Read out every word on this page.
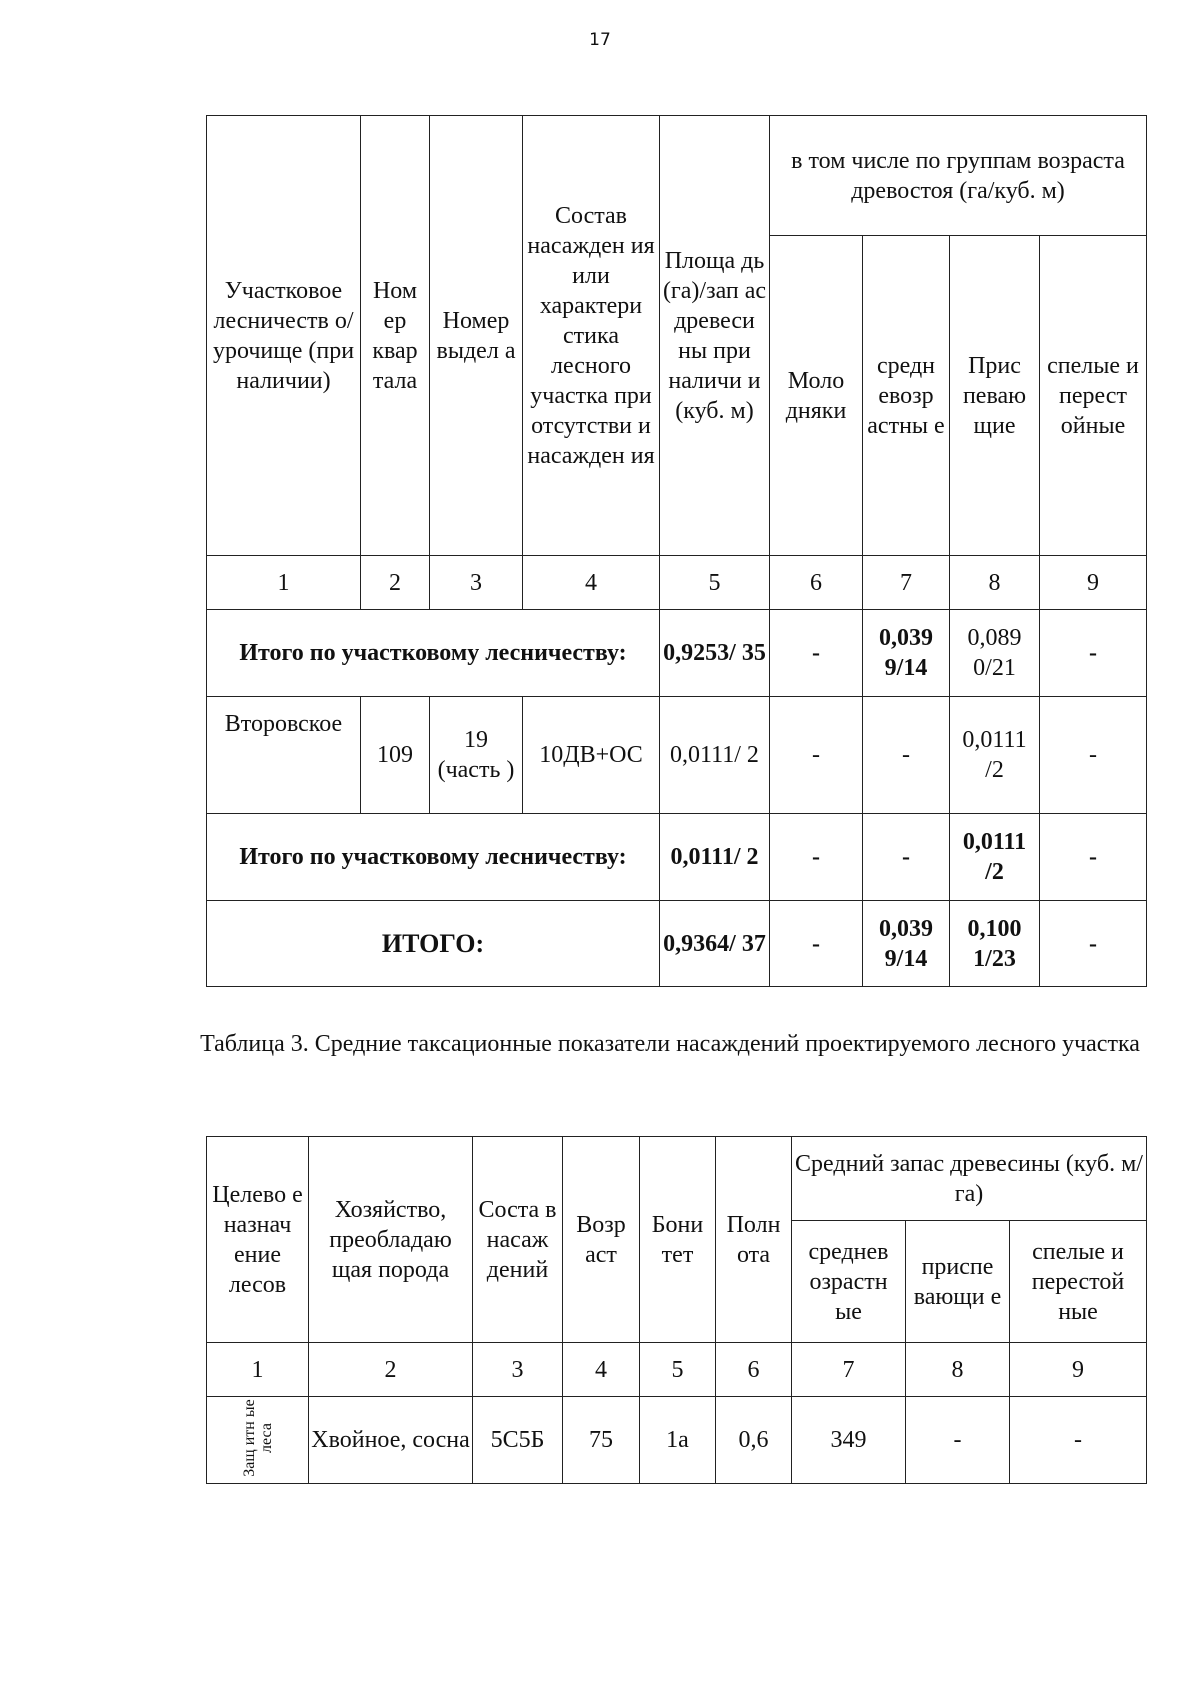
17
Участковое лесничеств о/урочище (при наличии)	Ном ер квар тала	Номер выдел а	Состав насажден ия или характери стика лесного участка при отсутстви и насажден ия	Площа дь (га)/зап ас древеси ны при наличи и (куб. м)	в том числе по группам возраста древостоя (га/куб. м)			
					Моло дняки	средн евозр астны е	Прис певаю щие	спелые и перест ойные
1	2	3	4	5	6	7	8	9
Итого по участковому лесничеству:				0,9253/ 35	-	0,039 9/14	0,089 0/21	-
Второвское	109	19 (часть )	10ДВ+ОС	0,0111/ 2	-	-	0,0111 /2	-
Итого по участковому лесничеству:				0,0111/ 2	-	-	0,0111 /2	-
ИТОГО:				0,9364/ 37	-	0,039 9/14	0,100 1/23	-
Таблица 3. Средние таксационные показатели насаждений проектируемого лесного участка
Целево е назнач ение лесов	Хозяйство, преобладаю щая порода	Соста в насаж дений	Возр аст	Бони тет	Полн ота	Средний запас древесины (куб. м/га)		
						среднев озрастн ые	приспе вающи е	спелые и перестой ные
1	2	3	4	5	6	7	8	9
Защ итн ые леса	Хвойное, сосна	5С5Б	75	1а	0,6	349	-	-
